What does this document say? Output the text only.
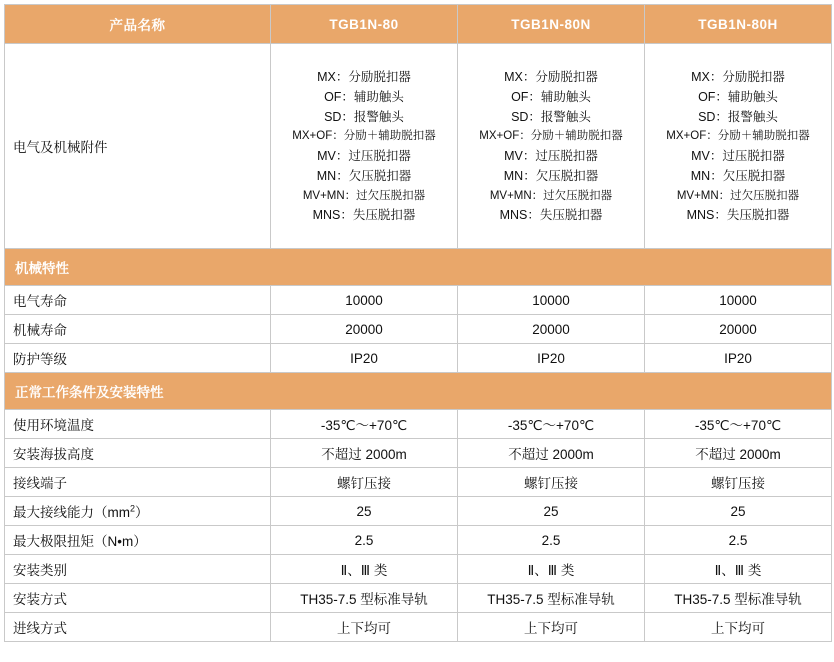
产品名称	TGB1N-80	TGB1N-80N	TGB1N-80H
电气及机械附件	
MX：分励脱扣器
OF：辅助触头
SD：报警触头
MX+OF：分励＋辅助脱扣器
MV：过压脱扣器
MN：欠压脱扣器
MV+MN：过欠压脱扣器
MNS：失压脱扣器

MX：分励脱扣器
OF：辅助触头
SD：报警触头
MX+OF：分励＋辅助脱扣器
MV：过压脱扣器
MN：欠压脱扣器
MV+MN：过欠压脱扣器
MNS：失压脱扣器

MX：分励脱扣器
OF：辅助触头
SD：报警触头
MX+OF：分励＋辅助脱扣器
MV：过压脱扣器
MN：欠压脱扣器
MV+MN：过欠压脱扣器
MNS：失压脱扣器

机械特性			
电气寿命	10000	10000	10000
机械寿命	20000	20000	20000
防护等级	IP20	IP20	IP20
正常工作条件及安装特性			
使用环境温度	-35℃～+70℃	-35℃～+70℃	-35℃～+70℃
安装海拔高度	不超过 2000m	不超过 2000m	不超过 2000m
接线端子	螺钉压接	螺钉压接	螺钉压接
最大接线能力$(mm^2)$	25	25	25
最大极限扭矩（N•m）	2.5	2.5	2.5
安装类别	Ⅱ、Ⅲ 类	Ⅱ、Ⅲ 类	Ⅱ、Ⅲ 类
安装方式	TH35-7.5 型标准导轨	TH35-7.5 型标准导轨	TH35-7.5 型标准导轨
进线方式	上下均可	上下均可	上下均可
